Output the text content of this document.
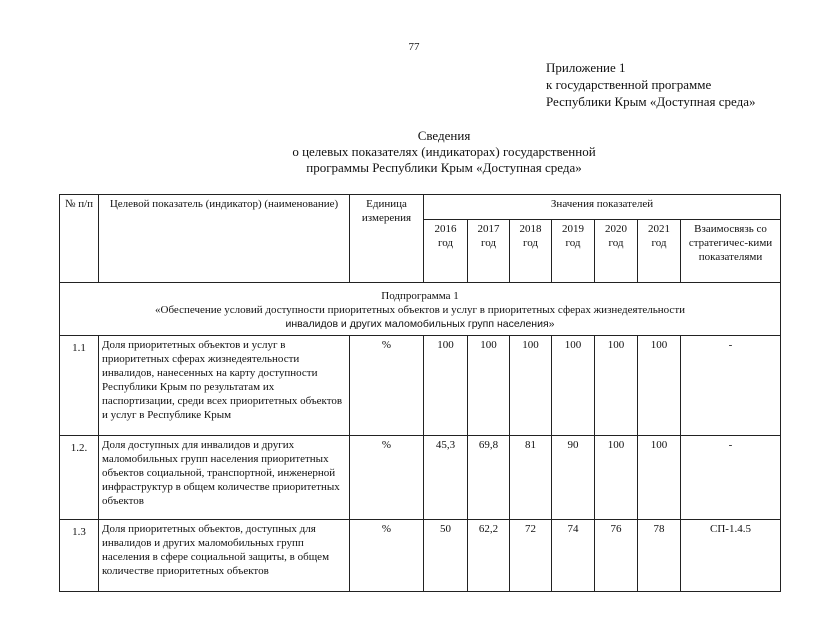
77
Приложение 1
к государственной программе
Республики Крым «Доступная среда»
Сведения
о целевых показателях (индикаторах) государственной
программы Республики Крым «Доступная среда»
№ п/п	Целевой показатель (индикатор) (наименование)	Единица измерения	Значения показателей						
			2016 год	2017 год	2018 год	2019 год	2020 год	2021 год	Взаимосвязь со стратегичес-кими показателями

Подпрограмма 1
«Обеспечение условий доступности приоритетных объектов и услуг в приоритетных сферах жизнедеятельности
инвалидов и других маломобильных групп населения»									

1.1	Доля приоритетных объектов и услуг в приоритетных сферах жизнедеятельности инвалидов, нанесенных на карту доступности Республики Крым по результатам их паспортизации, среди всех приоритетных объектов и услуг в Республике Крым	%	100	100	100	100	100	100	-
1.2.	Доля доступных для инвалидов и других маломобильных групп населения приоритетных объектов социальной, транспортной, инженерной инфраструктур в общем количестве приоритетных объектов	%	45,3	69,8	81	90	100	100	-
1.3	Доля приоритетных объектов, доступных для инвалидов и других маломобильных групп населения в сфере социальной защиты, в общем количестве приоритетных объектов	%	50	62,2	72	74	76	78	СП-1.4.5
